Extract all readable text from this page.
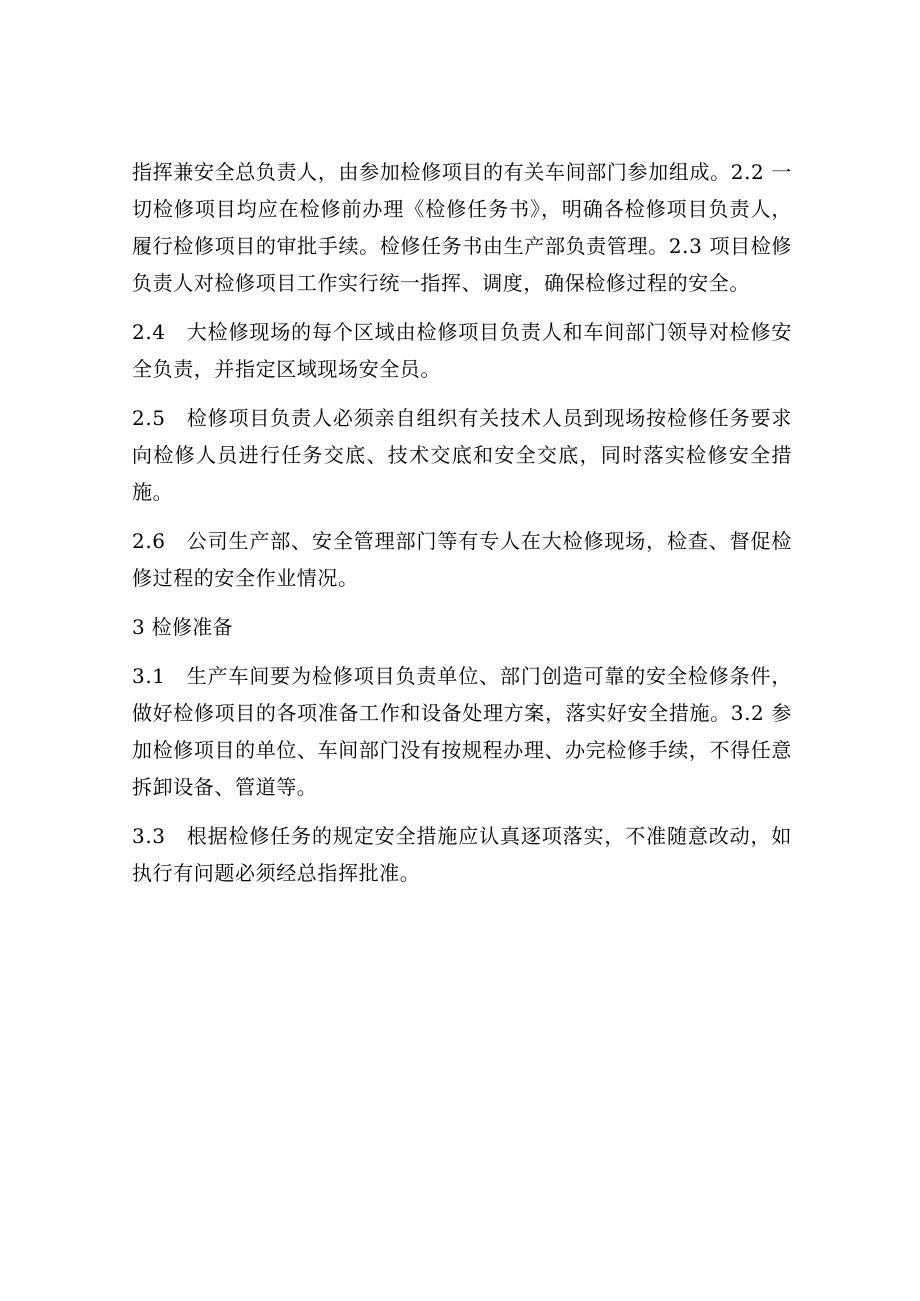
指挥兼安全总负责人，由参加检修项目的有关车间部门参加组成。2.2 一切检修项目均应在检修前办理《检修任务书》，明确各检修项目负责人，履行检修项目的审批手续。检修任务书由生产部负责管理。2.3 项目检修负责人对检修项目工作实行统一指挥、调度，确保检修过程的安全。

2.4　大检修现场的每个区域由检修项目负责人和车间部门领导对检修安全负责，并指定区域现场安全员。

2.5　检修项目负责人必须亲自组织有关技术人员到现场按检修任务要求向检修人员进行任务交底、技术交底和安全交底，同时落实检修安全措施。

2.6　公司生产部、安全管理部门等有专人在大检修现场，检查、督促检修过程的安全作业情况。

3 检修准备

3.1　生产车间要为检修项目负责单位、部门创造可靠的安全检修条件，做好检修项目的各项准备工作和设备处理方案，落实好安全措施。3.2 参加检修项目的单位、车间部门没有按规程办理、办完检修手续，不得任意拆卸设备、管道等。

3.3　根据检修任务的规定安全措施应认真逐项落实，不准随意改动，如执行有问题必须经总指挥批准。
